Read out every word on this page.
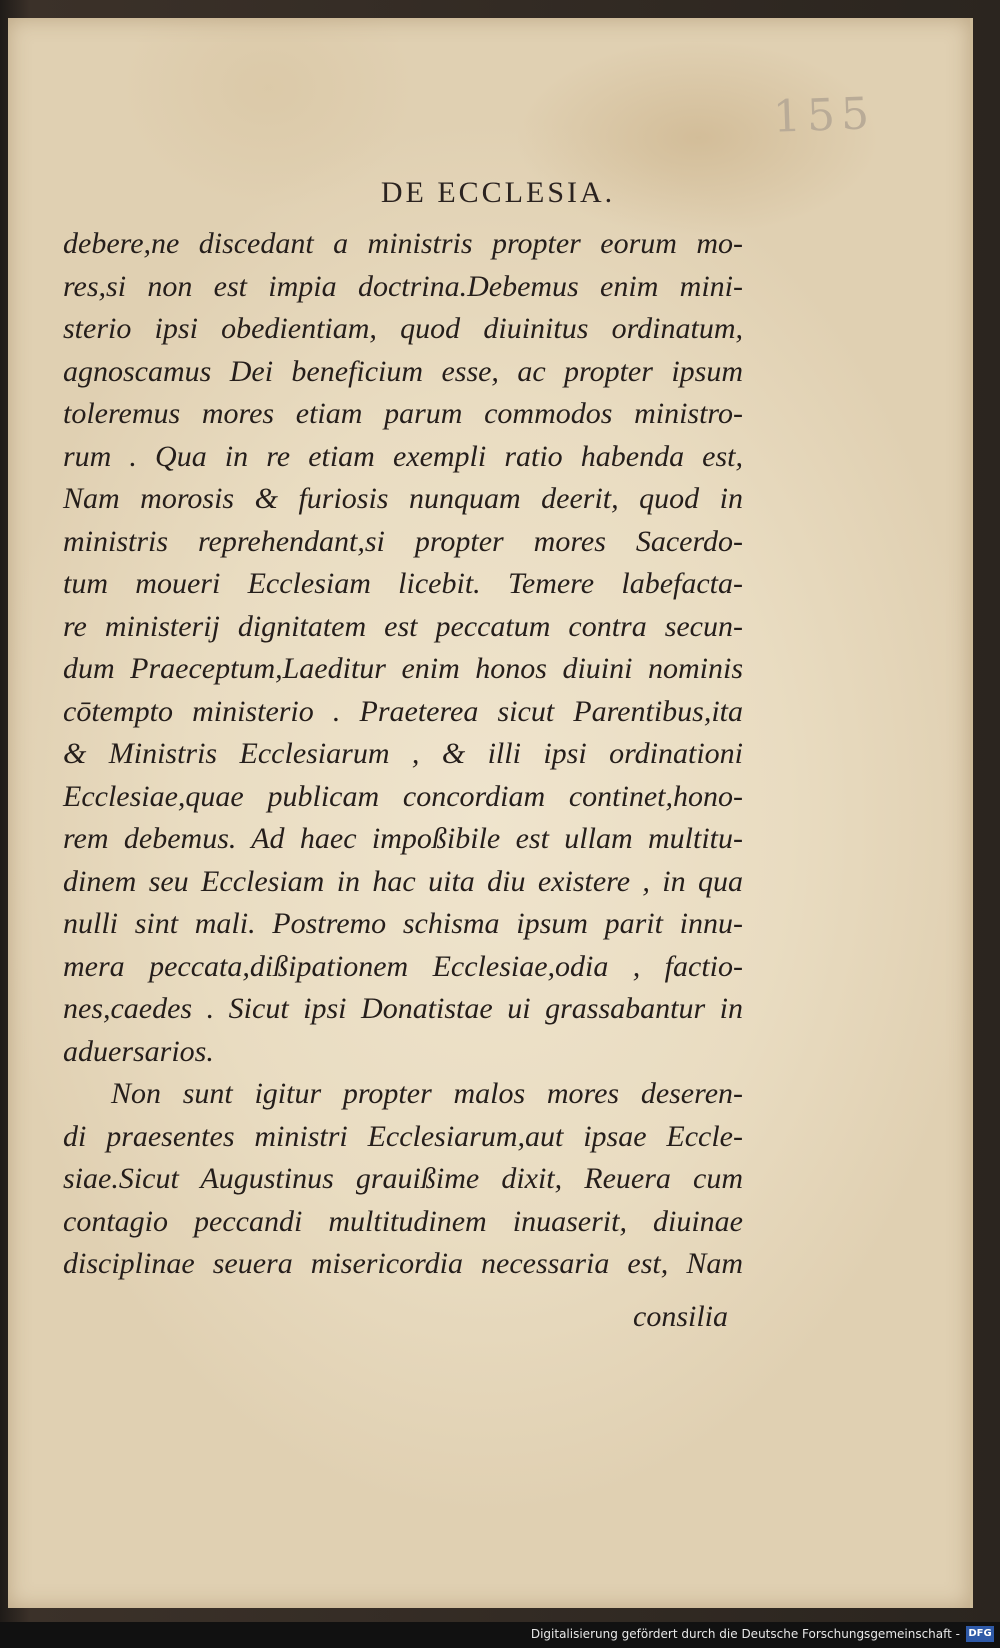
155
DE ECCLESIA.
debere,ne discedant a ministris propter eorum mo-
res,si non est impia doctrina.Debemus enim mini-
sterio ipsi obedientiam, quod diuinitus ordinatum,
agnoscamus Dei beneficium esse, ac propter ipsum
toleremus mores etiam parum commodos ministro-
rum . Qua in re etiam exempli ratio habenda est,
Nam morosis & furiosis nunquam deerit, quod in
ministris reprehendant,si propter mores Sacerdo-
tum moueri Ecclesiam licebit. Temere labefacta-
re ministerij dignitatem est peccatum contra secun-
dum Praeceptum,Laeditur enim honos diuini nominis
cōtempto ministerio . Praeterea sicut Parentibus,ita
& Ministris Ecclesiarum , & illi ipsi ordinationi
Ecclesiae,quae publicam concordiam continet,hono-
rem debemus. Ad haec impoßibile est ullam multitu-
dinem seu Ecclesiam in hac uita diu existere , in qua
nulli sint mali. Postremo schisma ipsum parit innu-
mera peccata,dißipationem Ecclesiae,odia , factio-
nes,caedes . Sicut ipsi Donatistae ui grassabantur in
aduersarios.
Non sunt igitur propter malos mores deseren-
di praesentes ministri Ecclesiarum,aut ipsae Eccle-
siae.Sicut Augustinus grauißime dixit, Reuera cum
contagio peccandi multitudinem inuaserit, diuinae
disciplinae seuera misericordia necessaria est, Nam
consilia
Digitalisierung gefördert durch die Deutsche Forschungsgemeinschaft - DFG
